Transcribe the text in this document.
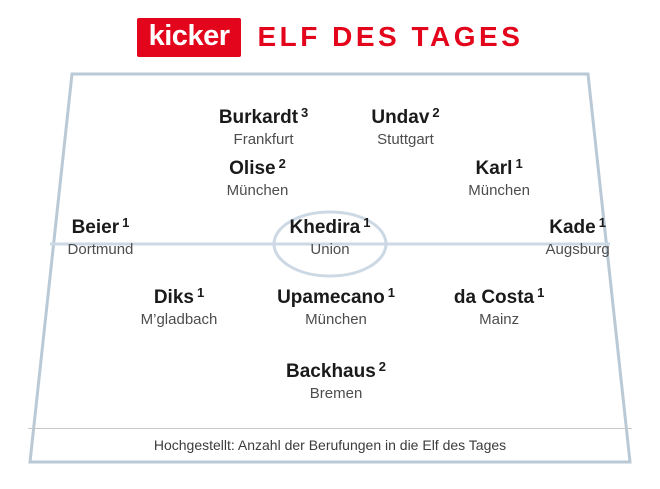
kicker	ELF DES TAGES
Burkardt $^3$
Frankfurt
Undav $^2$
Stuttgart
Olise $^2$
München
Karl $^1$
München
Beier $^1$
Dortmund
Khedira $^1$
Union
Kade $^1$
Augsburg
Diks $^1$
M’gladbach
Upamecano $^1$
München
da Costa $^1$
Mainz
Backhaus $^2$
Bremen
Hochgestellt: Anzahl der Berufungen in die Elf des Tages
